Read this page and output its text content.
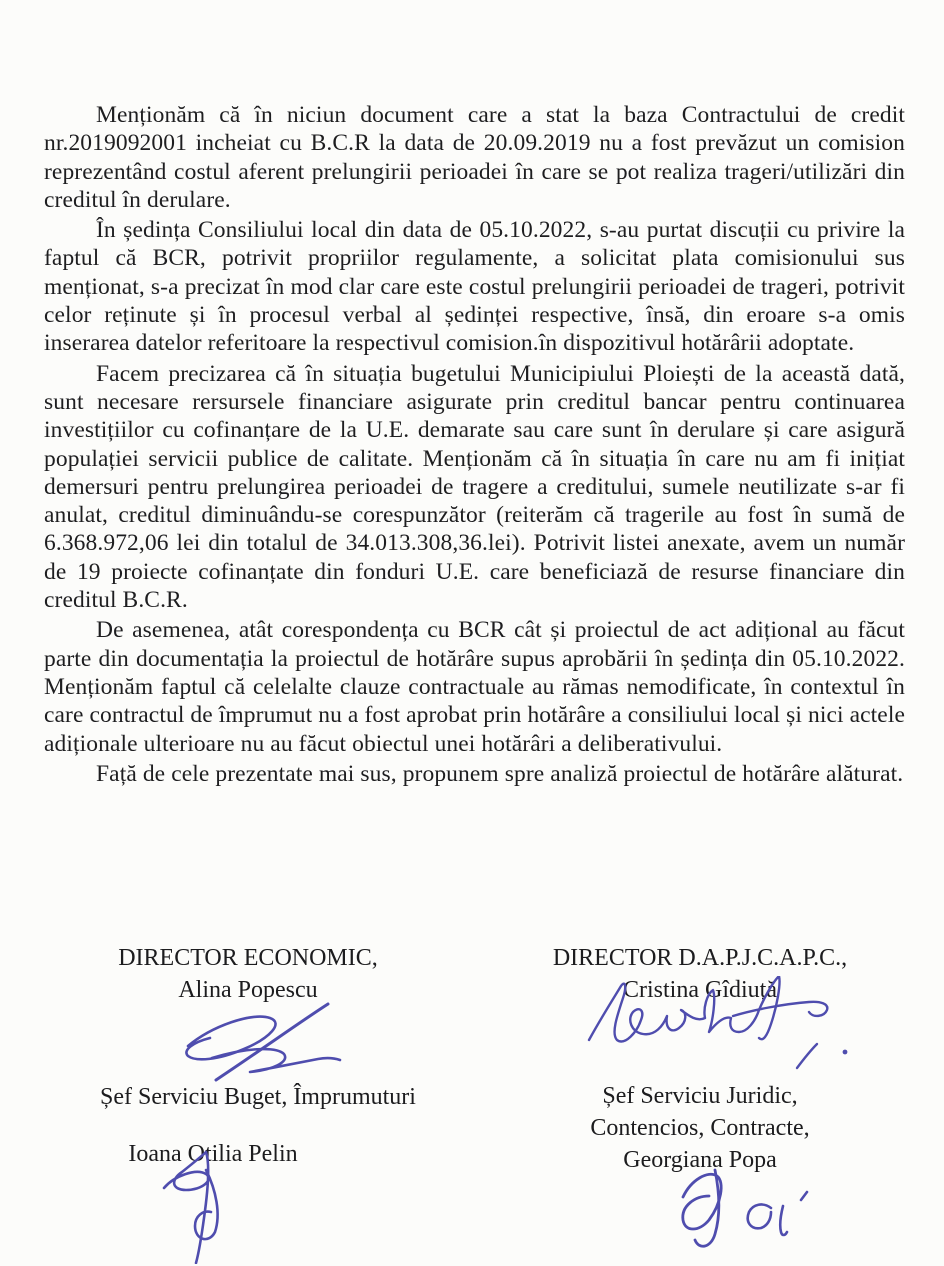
Menționăm că în niciun document care a stat la baza Contractului de credit nr.2019092001 incheiat cu B.C.R la data de 20.09.2019 nu a fost prevăzut un comision reprezentând costul aferent prelungirii perioadei în care se pot realiza trageri/utilizări din creditul în derulare.

În ședința Consiliului local din data de 05.10.2022, s-au purtat discuții cu privire la faptul că BCR, potrivit propriilor regulamente, a solicitat plata comisionului sus menționat, s-a precizat în mod clar care este costul prelungirii perioadei de trageri, potrivit celor reținute și în procesul verbal al ședinței respective, însă, din eroare s-a omis inserarea datelor referitoare la respectivul comision.în dispozitivul hotărârii adoptate.

Facem precizarea că în situația bugetului Municipiului Ploiești de la această dată, sunt necesare rersursele financiare asigurate prin creditul bancar pentru continuarea investițiilor cu cofinanțare de la U.E. demarate sau care sunt în derulare și care asigură populației servicii publice de calitate. Menționăm că în situația în care nu am fi inițiat demersuri pentru prelungirea perioadei de tragere a creditului, sumele neutilizate s-ar fi anulat, creditul diminuându-se corespunzător (reiterăm că tragerile au fost în sumă de 6.368.972,06 lei din totalul de 34.013.308,36.lei). Potrivit listei anexate, avem un număr de 19 proiecte cofinanțate din fonduri U.E. care beneficiază de resurse financiare din creditul B.C.R.

De asemenea, atât corespondența cu BCR cât și proiectul de act adițional au făcut parte din documentația la proiectul de hotărâre supus aprobării în ședința din 05.10.2022. Menționăm faptul că celelalte clauze contractuale au rămas nemodificate, în contextul în care contractul de împrumut nu a fost aprobat prin hotărâre a consiliului local și nici actele adiționale ulterioare nu au făcut obiectul unei hotărâri a deliberativului.

Față de cele prezentate mai sus, propunem spre analiză proiectul de hotărâre alăturat.

DIRECTOR ECONOMIC,
Alina Popescu
Șef Serviciu Buget, Împrumuturi
Ioana Otilia Pelin
DIRECTOR D.A.P.J.C.A.P.C.,
Cristina Gîdiuță
Șef Serviciu Juridic,
Contencios, Contracte,
Georgiana Popa
